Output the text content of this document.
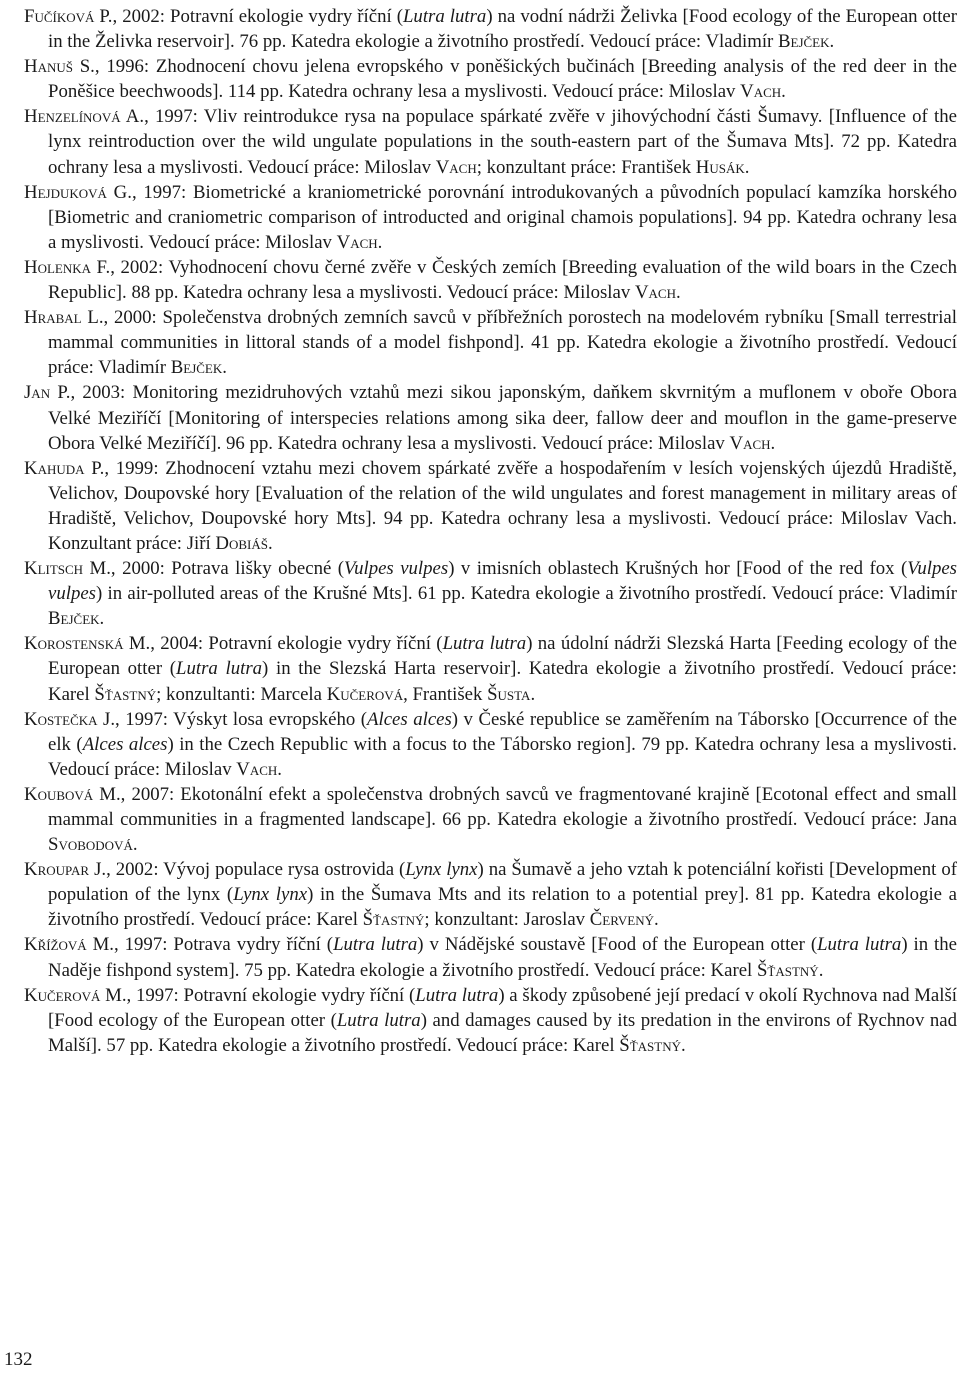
Fučíková P., 2002: Potravní ekologie vydry říční (Lutra lutra) na vodní nádrži Želivka [Food ecology of the European otter in the Želivka reservoir]. 76 pp. Katedra ekologie a životního prostředí. Vedoucí práce: Vladimír Bejček.

Hanuš S., 1996: Zhodnocení chovu jelena evropského v poněšických bučinách [Breeding analysis of the red deer in the Poněšice beechwoods]. 114 pp. Katedra ochrany lesa a myslivosti. Vedoucí práce: Miloslav Vach.

Henzelínová A., 1997: Vliv reintrodukce rysa na populace spárkaté zvěře v jihovýchodní části Šumavy. [Influence of the lynx reintroduction over the wild ungulate populations in the south-eastern part of the Šumava Mts]. 72 pp. Katedra ochrany lesa a myslivosti. Vedoucí práce: Miloslav Vach; konzultant práce: František Husák.

Hejduková G., 1997: Biometrické a kraniometrické porovnání introdukovaných a původních populací kamzíka horského [Biometric and craniometric comparison of introducted and original chamois populations]. 94 pp. Katedra ochrany lesa a myslivosti. Vedoucí práce: Miloslav Vach.

Holenka F., 2002: Vyhodnocení chovu černé zvěře v Českých zemích [Breeding evaluation of the wild boars in the Czech Republic]. 88 pp. Katedra ochrany lesa a myslivosti. Vedoucí práce: Miloslav Vach.

Hrabal L., 2000: Společenstva drobných zemních savců v příbřežních porostech na modelovém rybníku [Small terrestrial mammal communities in littoral stands of a model fishpond]. 41 pp. Katedra ekologie a životního prostředí. Vedoucí práce: Vladimír Bejček.

Jan P., 2003: Monitoring mezidruhových vztahů mezi sikou japonským, daňkem skvrnitým a muflonem v oboře Obora Velké Meziříčí [Monitoring of interspecies relations among sika deer, fallow deer and mouflon in the game-preserve Obora Velké Meziříčí]. 96 pp. Katedra ochrany lesa a myslivosti. Vedoucí práce: Miloslav Vach.

Kahuda P., 1999: Zhodnocení vztahu mezi chovem spárkaté zvěře a hospodařením v lesích vojenských újezdů Hradiště, Velichov, Doupovské hory [Evaluation of the relation of the wild ungulates and forest management in military areas of Hradiště, Velichov, Doupovské hory Mts]. 94 pp. Katedra ochrany lesa a myslivosti. Vedoucí práce: Miloslav Vach. Konzultant práce: Jiří Dobiáš.

Klitsch M., 2000: Potrava lišky obecné (Vulpes vulpes) v imisních oblastech Krušných hor [Food of the red fox (Vulpes vulpes) in air-polluted areas of the Krušné Mts]. 61 pp. Katedra ekologie a životního prostředí. Vedoucí práce: Vladimír Bejček.

Korostenská M., 2004: Potravní ekologie vydry říční (Lutra lutra) na údolní nádrži Slezská Harta [Feeding ecology of the European otter (Lutra lutra) in the Slezská Harta reservoir]. Katedra ekologie a životního prostředí. Vedoucí práce: Karel Šťastný; konzultanti: Marcela Kučerová, František Šusta.

Kostečka J., 1997: Výskyt losa evropského (Alces alces) v České republice se zaměřením na Táborsko [Occurrence of the elk (Alces alces) in the Czech Republic with a focus to the Táborsko region]. 79 pp. Katedra ochrany lesa a myslivosti. Vedoucí práce: Miloslav Vach.

Koubová M., 2007: Ekotonální efekt a společenstva drobných savců ve fragmentované krajině [Ecotonal effect and small mammal communities in a fragmented landscape]. 66 pp. Katedra ekologie a životního prostředí. Vedoucí práce: Jana Svobodová.

Kroupar J., 2002: Vývoj populace rysa ostrovida (Lynx lynx) na Šumavě a jeho vztah k potenciální kořisti [Development of population of the lynx (Lynx lynx) in the Šumava Mts and its relation to a potential prey]. 81 pp. Katedra ekologie a životního prostředí. Vedoucí práce: Karel Šťastný; konzultant: Jaroslav Červený.

Křížová M., 1997: Potrava vydry říční (Lutra lutra) v Nádějské soustavě [Food of the European otter (Lutra lutra) in the Naděje fishpond system]. 75 pp. Katedra ekologie a životního prostředí. Vedoucí práce: Karel Šťastný.

Kučerová M., 1997: Potravní ekologie vydry říční (Lutra lutra) a škody způsobené její predací v okolí Rychnova nad Malší [Food ecology of the European otter (Lutra lutra) and damages caused by its predation in the environs of Rychnov nad Malší]. 57 pp. Katedra ekologie a životního prostředí. Vedoucí práce: Karel Šťastný.

132
